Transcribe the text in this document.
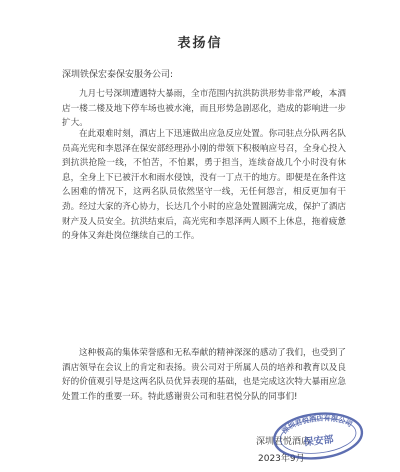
表扬信
深圳铁保宏泰保安服务公司:

九月七号深圳遭遇特大暴雨，全市范围内抗洪防洪形势非常严峻，本酒店一楼二楼及地下停车场也被水淹，而且形势急剧恶化，造成的影响进一步扩大。

在此艰难时刻，酒店上下迅速做出应急反应处置。你司驻点分队两名队员高光宪和李恩泽在保安部经理孙小刚的带领下积极响应号召，全身心投入到抗洪抢险一线，不怕苦，不怕累，勇于担当，连续奋战几个小时没有休息，全身上下已被汗水和雨水侵蚀，没有一丁点干的地方。即便是在条件这么困难的情况下，这两名队员依然坚守一线，无任何怨言，相反更加有干劲。经过大家的齐心协力，长达几个小时的应急处置圆满完成，保护了酒店财产及人员安全。抗洪结束后，高光宪和李恩泽两人顾不上休息，拖着疲惫的身体又奔赴岗位继续自己的工作。

这种极高的集体荣誉感和无私奉献的精神深深的感动了我们，也受到了酒店领导在会议上的肯定和表扬。贵公司对于所属人员的培养和教育以及良好的价值观引导是这两名队员优异表现的基础，也是完成这次特大暴雨应急处置工作的重要一环。特此感谢贵公司和驻君悦分队的同事们!

深圳君悦酒店
2023年9月
深圳君悦酒店有限公司
保安部
